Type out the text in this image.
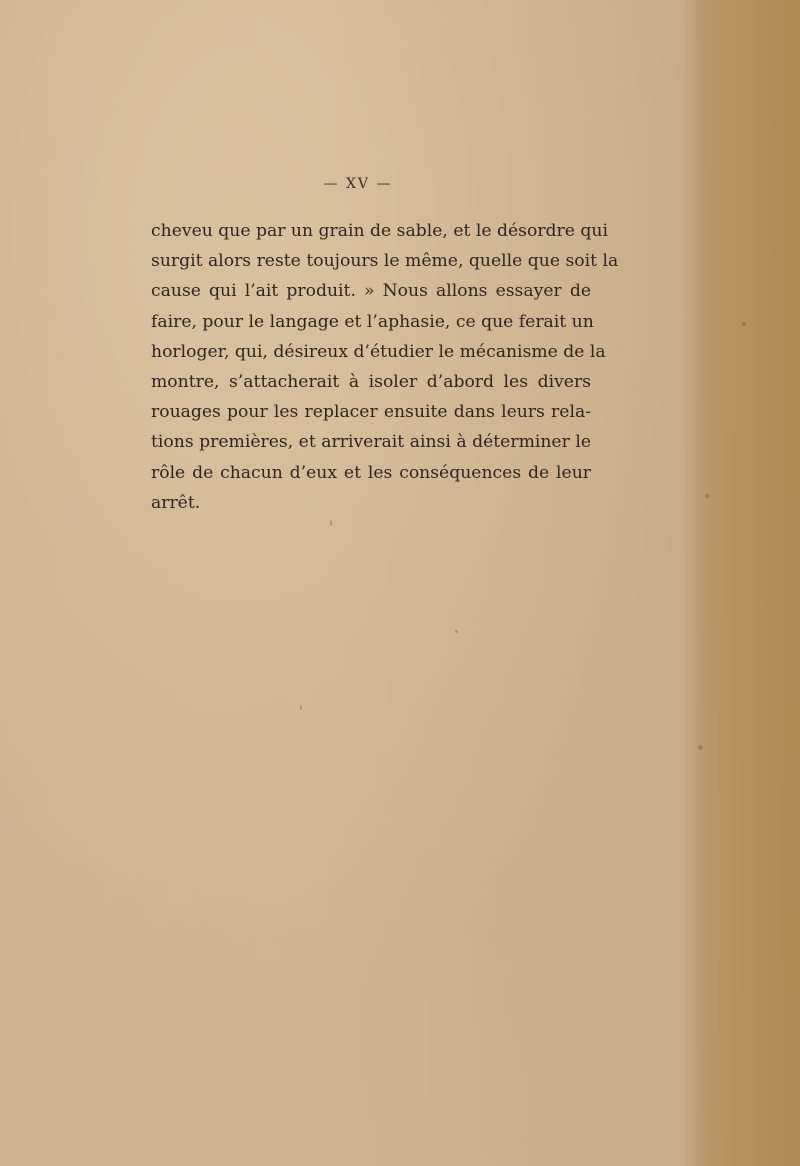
— XV —
cheveu que par un grain de sable, et le désordre qui
surgit alors reste toujours le même, quelle que soit la
cause qui l’ait produit. » Nous allons essayer de
faire, pour le langage et l’aphasie, ce que ferait un
horloger, qui, désireux d’étudier le mécanisme de la
montre, s’attacherait à isoler d’abord les divers
rouages pour les replacer ensuite dans leurs rela-
tions premières, et arriverait ainsi à déterminer le
rôle de chacun d’eux et les conséquences de leur
arrêt.
